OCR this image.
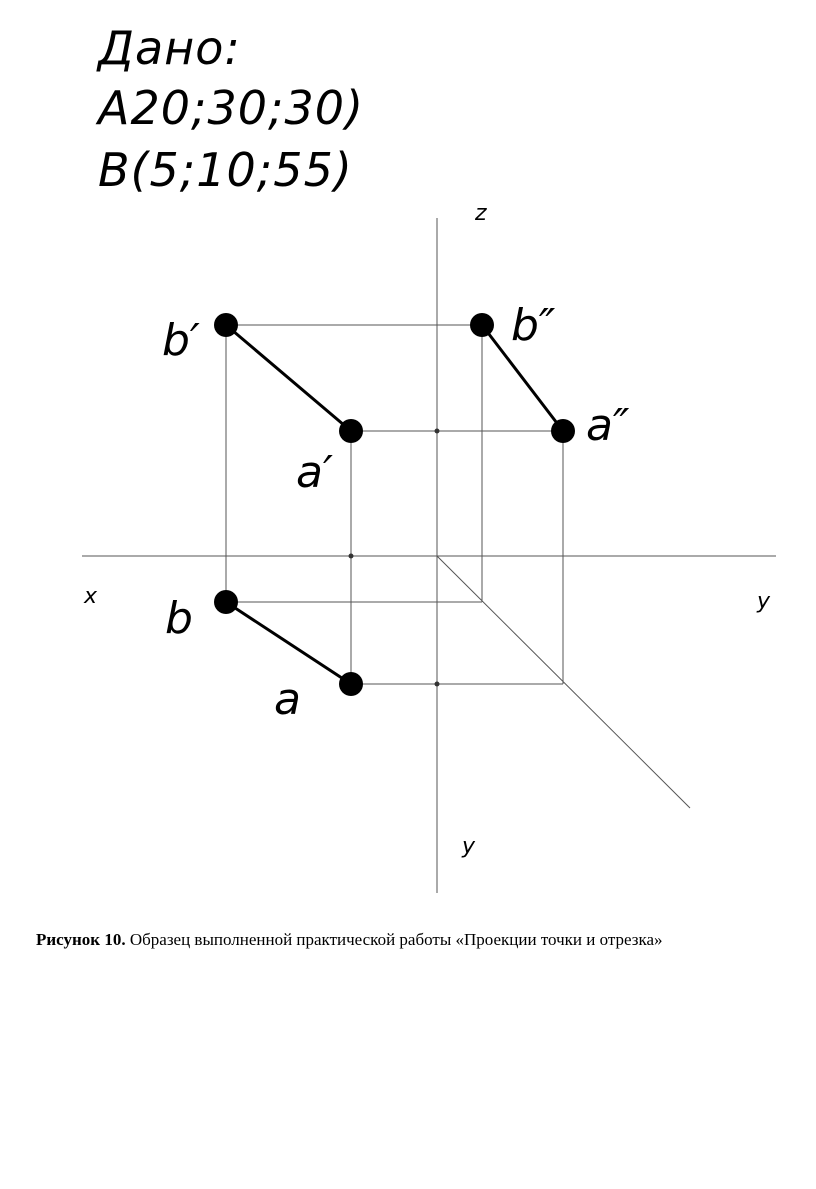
Дано:
А20;30;30)
В(5;10;55)
z
x	y
y
b′
a′
b″
a″
b
a
Рисунок 10. Образец выполненной практической работы «Проекции точки и отрезка»
